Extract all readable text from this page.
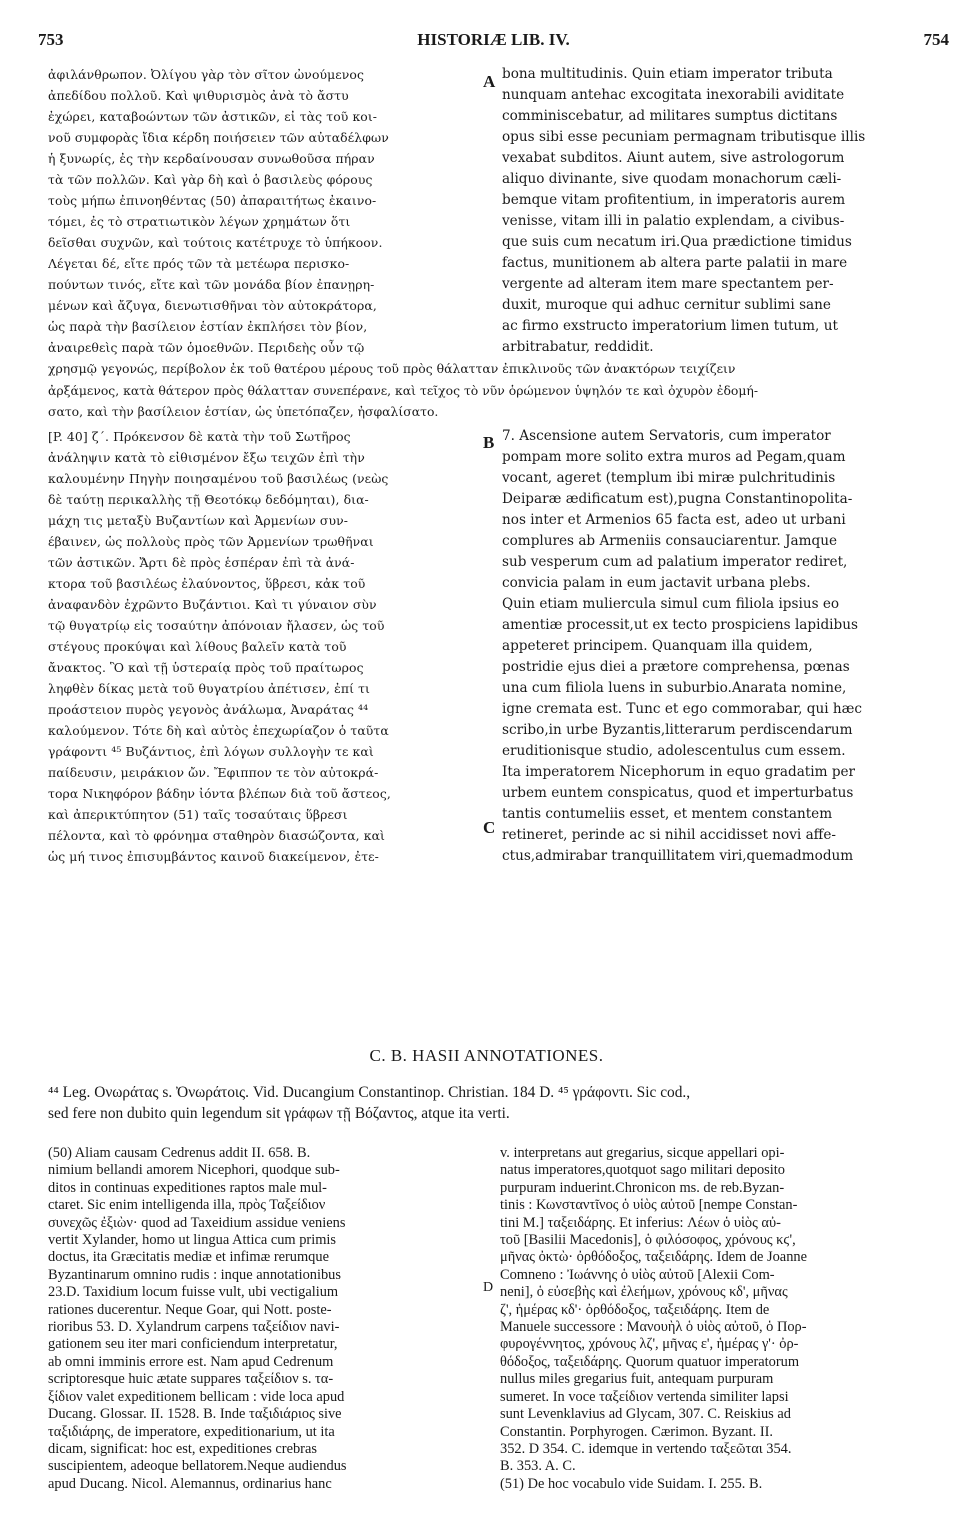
753	HISTORIÆ LIB. IV.	754
ἀφιλάνθρωπον. Ὀλίγου γὰρ τὸν σῖτον ὠνούμενος
ἀπεδίδου πολλοῦ. Καὶ ψιθυρισμὸς ἀνὰ τὸ ἄστυ
ἐχώρει, καταβοώντων τῶν ἀστικῶν, εἰ τὰς τοῦ κοι-
νοῦ συμφορὰς ἴδια κέρδη ποιήσειεν τῶν αὐταδέλφων
ἡ ξυνωρίς, ἐς τὴν κερδαίνουσαν συνωθοῦσα πήραν
τὰ τῶν πολλῶν. Καὶ γὰρ δὴ καὶ ὁ βασιλεὺς φόρους
τοὺς μήπω ἐπινοηθέντας (50) ἀπαραιτήτως ἐκαινο-
τόμει, ἐς τὸ στρατιωτικὸν λέγων χρημάτων ὅτι
δεῖσθαι συχνῶν, καὶ τούτοις κατέτρυχε τὸ ὑπήκοον.
Λέγεται δέ, εἴτε πρός τῶν τὰ μετέωρα περισκο-
πούντων τινός, εἴτε καὶ τῶν μονάδα βίον ἐπανῃρη-
μένων καὶ ἄζυγα, διενωτισθῆναι τὸν αὐτοκράτορα,
ὡς παρὰ τὴν βασίλειον ἑστίαν ἐκπλήσει τὸν βίον,
ἀναιρεθεὶς παρὰ τῶν ὁμοεθνῶν. Περιδεὴς οὖν τῷ
A bona multitudinis. Quin etiam imperator tributa
nunquam antehac excogitata inexorabili aviditate
comminiscebatur, ad militares sumptus dictitans
opus sibi esse pecuniam permagnam tributisque illis
vexabat subditos. Aiunt autem, sive astrologorum
aliquo divinante, sive quodam monachorum cæli-
bemque vitam profitentium, in imperatoris aurem
venisse, vitam illi in palatio explendam, a civibus-
que suis cum necatum iri.Qua prædictione timidus
factus, munitionem ab altera parte palatii in mare
vergente ad alteram item mare spectantem per-
duxit, muroque qui adhuc cernitur sublimi sane
ac firmo exstructo imperatorium limen tutum, ut
arbitrabatur, reddidit.
χρησμῷ γεγονώς, περίβολον ἐκ τοῦ θατέρου μέρους τοῦ πρὸς θάλατταν ἐπικλινοῦς τῶν ἀνακτόρων τειχίζειν
ἀρξάμενος, κατὰ θάτερον πρὸς θάλατταν συνεπέρανε, καὶ τεῖχος τὸ νῦν ὁρώμενον ὑψηλόν τε καὶ ὀχυρὸν ἐδομή-
σατο, καὶ τὴν βασίλειον ἑστίαν, ὡς ὑπετόπαζεν, ἠσφαλίσατο.
[P. 40] ζ΄. Πρόκενσον δὲ κατὰ τὴν τοῦ Σωτῆρος
ἀνάληψιν κατὰ τὸ εἰθισμένον ἔξω τειχῶν ἐπὶ τὴν
καλουμένην Πηγὴν ποιησαμένου τοῦ βασιλέως (νεὼς
δὲ ταύτῃ περικαλλὴς τῇ Θεοτόκῳ δεδόμηται), δια-
μάχη τις μεταξὺ Βυζαντίων καὶ Ἀρμενίων συν-
έβαινεν, ὡς πολλοὺς πρὸς τῶν Ἀρμενίων τρωθῆναι
τῶν ἀστικῶν. Ἄρτι δὲ πρὸς ἑσπέραν ἐπὶ τὰ ἀνά-
κτορα τοῦ βασιλέως ἐλαύνοντος, ὕβρεσι, κἀκ τοῦ
ἀναφανδὸν ἐχρῶντο Βυζάντιοι. Καὶ τι γύναιον σὺν
τῷ θυγατρίῳ εἰς τοσαύτην ἀπόνοιαν ἤλασεν, ὡς τοῦ
στέγους προκύψαι καὶ λίθους βαλεῖν κατὰ τοῦ
ἄνακτος. Ὃ καὶ τῇ ὑστεραίᾳ πρὸς τοῦ πραίτωρος
ληφθὲν δίκας μετὰ τοῦ θυγατρίου ἀπέτισεν, ἐπί τι
προάστειον πυρὸς γεγονὸς ἀνάλωμα, Ἀναράτας ⁴⁴
καλούμενον. Τότε δὴ καὶ αὐτὸς ἐπεχωρίαζον ὁ ταῦτα
γράφοντι ⁴⁵ Βυζάντιος, ἐπὶ λόγων συλλογὴν τε καὶ
παίδευσιν, μειράκιον ὤν. Ἔφιππον τε τὸν αὐτοκρά-
τορα Νικηφόρον βάδην ἰόντα βλέπων διὰ τοῦ ἄστεος,
καὶ ἀπερικτύπητον (51) ταῖς τοσαύταις ὕβρεσι
πέλοντα, καὶ τὸ φρόνημα σταθηρὸν διασώζοντα, καὶ
ὡς μή τινος ἐπισυμβάντος καινοῦ διακείμενον, ἐτε-
B
C
7. Ascensione autem Servatoris, cum imperator
pompam more solito extra muros ad Pegam,quam
vocant, ageret (templum ibi miræ pulchritudinis
Deiparæ ædificatum est),pugna Constantinopolita-
nos inter et Armenios 65 facta est, adeo ut urbani
complures ab Armeniis consauciarentur. Jamque
sub vesperum cum ad palatium imperator rediret,
convicia palam in eum jactavit urbana plebs.
Quin etiam muliercula simul cum filiola ipsius eo
amentiæ processit,ut ex tecto prospiciens lapidibus
appeteret principem. Quanquam illa quidem,
postridie ejus diei a prætore comprehensa, pœnas
una cum filiola luens in suburbio.Anarata nomine,
igne cremata est. Tunc et ego commorabar, qui hæc
scribo,in urbe Byzantis,litterarum perdiscendarum
eruditionisque studio, adolescentulus cum essem.
Ita imperatorem Nicephorum in equo gradatim per
urbem euntem conspicatus, quod et imperturbatus
tantis contumeliis esset, et mentem constantem
retineret, perinde ac si nihil accidisset novi affe-
ctus,admirabar tranquillitatem viri,quemadmodum
C. B. HASII ANNOTATIONES.
⁴⁴ Leg. Ονωράτας s. Ὀνωράτοις. Vid. Ducangium Constantinop. Christian. 184 D. ⁴⁵ γράφοντι. Sic cod.,
sed fere non dubito quin legendum sit γράφων τῇ Βόζαντος, atque ita verti.
(50) Aliam causam Cedrenus addit II. 658. B.
nimium bellandi amorem Nicephori, quodque sub-
ditos in continuas expeditiones raptos male mul-
ctaret. Sic enim intelligenda illa, πρὸς Ταξείδιον
συνεχῶς ἐξιὼν· quod ad Taxeidium assidue veniens
vertit Xylander, homo ut lingua Attica cum primis
doctus, ita Græcitatis mediæ et infimæ rerumque
Byzantinarum omnino rudis : inque annotationibus
23.D. Taxidium locum fuisse vult, ubi vectigalium
rationes ducerentur. Neque Goar, qui Nott. poste-
rioribus 53. D. Xylandrum carpens ταξείδιον navi-
gationem seu iter mari conficiendum interpretatur,
ab omni imminis errore est. Nam apud Cedrenum
scriptoresque huic ætate suppares ταξείδιον s. τα-
ξίδιον valet expeditionem bellicam : vide loca apud
Ducang. Glossar. II. 1528. B. Inde ταξιδιάριος sive
ταξιδιάρης, de imperatore, expeditionarium, ut ita
dicam, significat: hoc est, expeditiones crebras
suscipientem, adeoque bellatorem.Neque audiendus
apud Ducang. Nicol. Alemannus, ordinarius hanc
D
v. interpretans aut gregarius, sicque appellari opi-
natus imperatores,quotquot sago militari deposito
purpuram induerint.Chronicon ms. de reb.Byzan-
tinis : Κωνσταντῖνος ὁ υἱὸς αὐτοῦ [nempe Constan-
tini M.] ταξειδάρης. Et inferius: Λέων ὁ υἱὸς αὐ-
τοῦ [Basilii Macedonis], ὁ φιλόσοφος, χρόνους κϛ',
μῆνας ὀκτὼ· ὀρθόδοξος, ταξειδάρης. Idem de Joanne
Comneno : Ἰωάννης ὁ υἱὸς αὐτοῦ [Alexii Com-
neni], ὁ εὐσεβὴς καὶ ἐλεήμων, χρόνους κδ', μῆνας
ζ', ἡμέρας κδ'· ὀρθόδοξος, ταξειδάρης. Item de
Manuele successore : Μανουὴλ ὁ υἱὸς αὐτοῦ, ὁ Πορ-
φυρογέννητος, χρόνους λζ', μῆνας ε', ἡμέρας γ'· ὀρ-
θόδοξος, ταξειδάρης. Quorum quatuor imperatorum
nullus miles gregarius fuit, antequam purpuram
sumeret. In voce ταξείδιον vertenda similiter lapsi
sunt Levenklavius ad Glycam, 307. C. Reiskius ad
Constantin. Porphyrogen. Cærimon. Byzant. II.
352. D 354. C. idemque in vertendo ταξεῶται 354.
B. 353. A. C.
(51) De hoc vocabulo vide Suidam. I. 255. B.
